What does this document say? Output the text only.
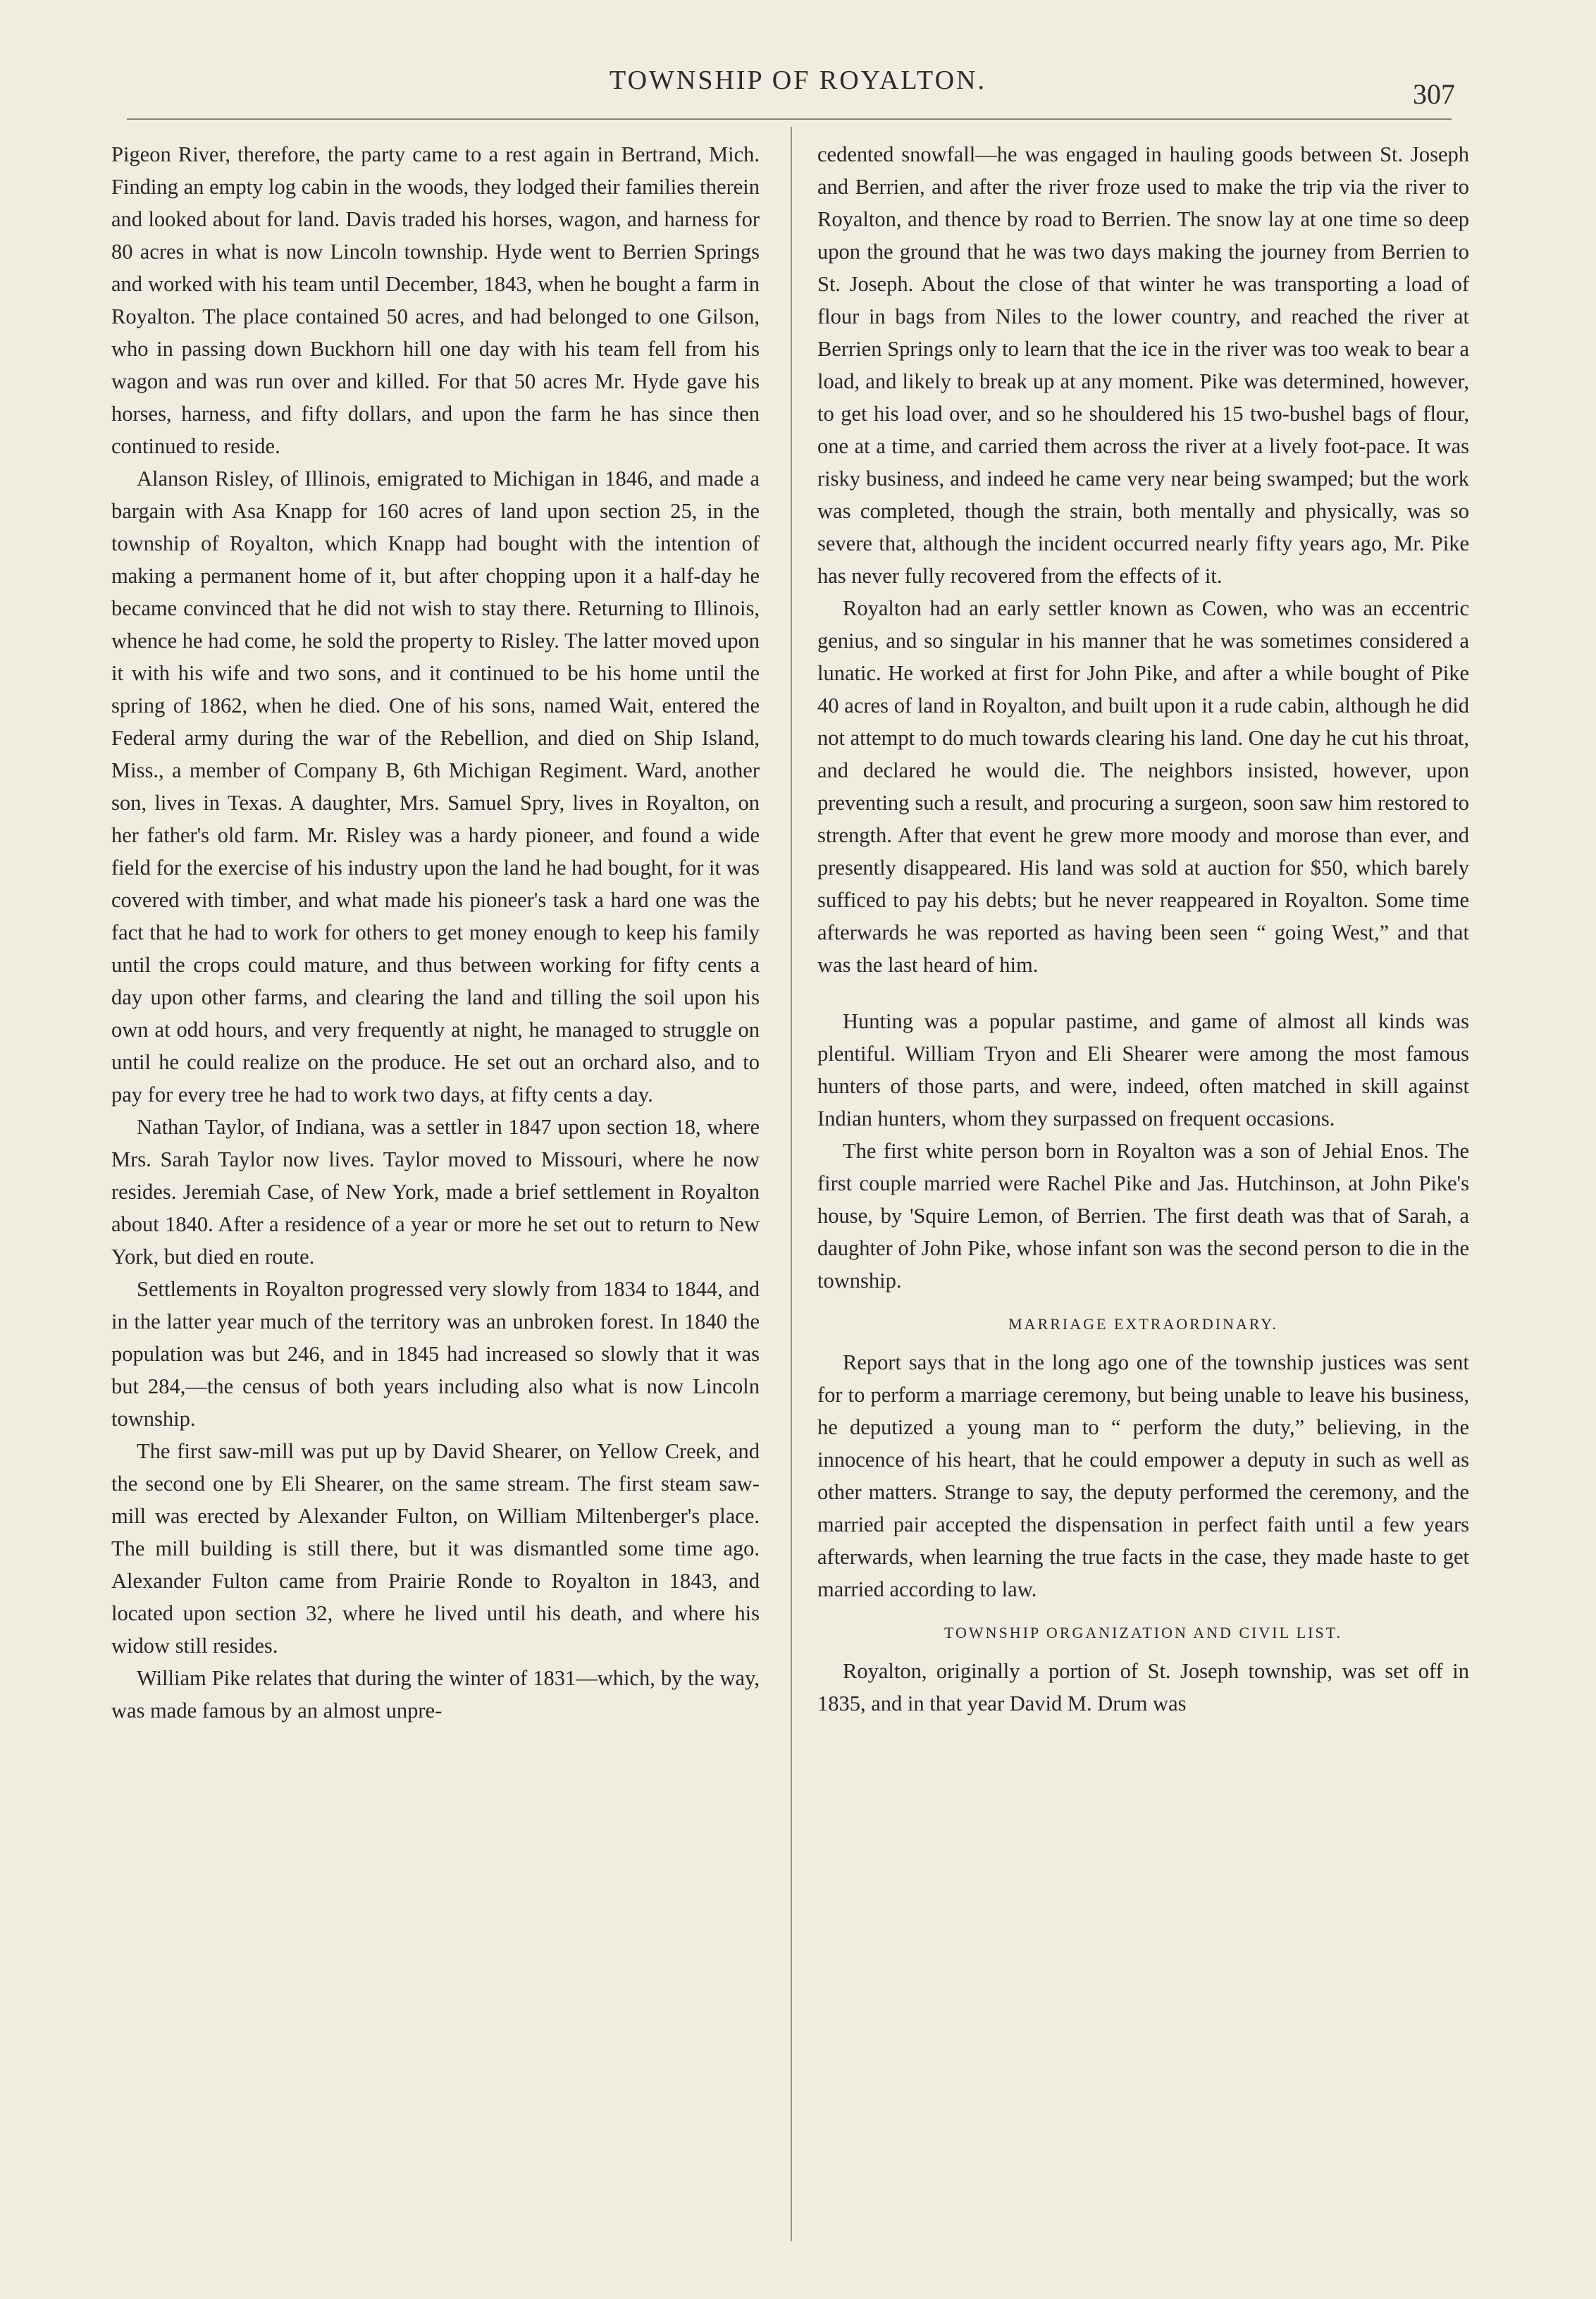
TOWNSHIP OF ROYALTON.	307

Pigeon River, therefore, the party came to a rest again in Bertrand, Mich. Finding an empty log cabin in the woods, they lodged their families therein and looked about for land. Davis traded his horses, wagon, and harness for 80 acres in what is now Lincoln township. Hyde went to Berrien Springs and worked with his team until December, 1843, when he bought a farm in Royalton. The place contained 50 acres, and had belonged to one Gilson, who in passing down Buckhorn hill one day with his team fell from his wagon and was run over and killed. For that 50 acres Mr. Hyde gave his horses, harness, and fifty dollars, and upon the farm he has since then continued to reside.

Alanson Risley, of Illinois, emigrated to Michigan in 1846, and made a bargain with Asa Knapp for 160 acres of land upon section 25, in the township of Royalton, which Knapp had bought with the intention of making a permanent home of it, but after chopping upon it a half-day he became convinced that he did not wish to stay there. Returning to Illinois, whence he had come, he sold the property to Risley. The latter moved upon it with his wife and two sons, and it continued to be his home until the spring of 1862, when he died. One of his sons, named Wait, entered the Federal army during the war of the Rebellion, and died on Ship Island, Miss., a member of Company B, 6th Michigan Regiment. Ward, another son, lives in Texas. A daughter, Mrs. Samuel Spry, lives in Royalton, on her father's old farm. Mr. Risley was a hardy pioneer, and found a wide field for the exercise of his industry upon the land he had bought, for it was covered with timber, and what made his pioneer's task a hard one was the fact that he had to work for others to get money enough to keep his family until the crops could mature, and thus between working for fifty cents a day upon other farms, and clearing the land and tilling the soil upon his own at odd hours, and very frequently at night, he managed to struggle on until he could realize on the produce. He set out an orchard also, and to pay for every tree he had to work two days, at fifty cents a day.

Nathan Taylor, of Indiana, was a settler in 1847 upon section 18, where Mrs. Sarah Taylor now lives. Taylor moved to Missouri, where he now resides. Jeremiah Case, of New York, made a brief settlement in Royalton about 1840. After a residence of a year or more he set out to return to New York, but died en route.

Settlements in Royalton progressed very slowly from 1834 to 1844, and in the latter year much of the territory was an unbroken forest. In 1840 the population was but 246, and in 1845 had increased so slowly that it was but 284,—the census of both years including also what is now Lincoln township.

The first saw-mill was put up by David Shearer, on Yellow Creek, and the second one by Eli Shearer, on the same stream. The first steam saw-mill was erected by Alexander Fulton, on William Miltenberger's place. The mill building is still there, but it was dismantled some time ago. Alexander Fulton came from Prairie Ronde to Royalton in 1843, and located upon section 32, where he lived until his death, and where his widow still resides.

William Pike relates that during the winter of 1831—which, by the way, was made famous by an almost unpre-

cedented snowfall—he was engaged in hauling goods between St. Joseph and Berrien, and after the river froze used to make the trip via the river to Royalton, and thence by road to Berrien. The snow lay at one time so deep upon the ground that he was two days making the journey from Berrien to St. Joseph. About the close of that winter he was transporting a load of flour in bags from Niles to the lower country, and reached the river at Berrien Springs only to learn that the ice in the river was too weak to bear a load, and likely to break up at any moment. Pike was determined, however, to get his load over, and so he shouldered his 15 two-bushel bags of flour, one at a time, and carried them across the river at a lively foot-pace. It was risky business, and indeed he came very near being swamped; but the work was completed, though the strain, both mentally and physically, was so severe that, although the incident occurred nearly fifty years ago, Mr. Pike has never fully recovered from the effects of it.

Royalton had an early settler known as Cowen, who was an eccentric genius, and so singular in his manner that he was sometimes considered a lunatic. He worked at first for John Pike, and after a while bought of Pike 40 acres of land in Royalton, and built upon it a rude cabin, although he did not attempt to do much towards clearing his land. One day he cut his throat, and declared he would die. The neighbors insisted, however, upon preventing such a result, and procuring a surgeon, soon saw him restored to strength. After that event he grew more moody and morose than ever, and presently disappeared. His land was sold at auction for $50, which barely sufficed to pay his debts; but he never reappeared in Royalton. Some time afterwards he was reported as having been seen “ going West,” and that was the last heard of him.

Hunting was a popular pastime, and game of almost all kinds was plentiful. William Tryon and Eli Shearer were among the most famous hunters of those parts, and were, indeed, often matched in skill against Indian hunters, whom they surpassed on frequent occasions.

The first white person born in Royalton was a son of Jehial Enos. The first couple married were Rachel Pike and Jas. Hutchinson, at John Pike's house, by 'Squire Lemon, of Berrien. The first death was that of Sarah, a daughter of John Pike, whose infant son was the second person to die in the township.

MARRIAGE EXTRAORDINARY.

Report says that in the long ago one of the township justices was sent for to perform a marriage ceremony, but being unable to leave his business, he deputized a young man to “ perform the duty,” believing, in the innocence of his heart, that he could empower a deputy in such as well as other matters. Strange to say, the deputy performed the ceremony, and the married pair accepted the dispensation in perfect faith until a few years afterwards, when learning the true facts in the case, they made haste to get married according to law.

TOWNSHIP ORGANIZATION AND CIVIL LIST.

Royalton, originally a portion of St. Joseph township, was set off in 1835, and in that year David M. Drum was
